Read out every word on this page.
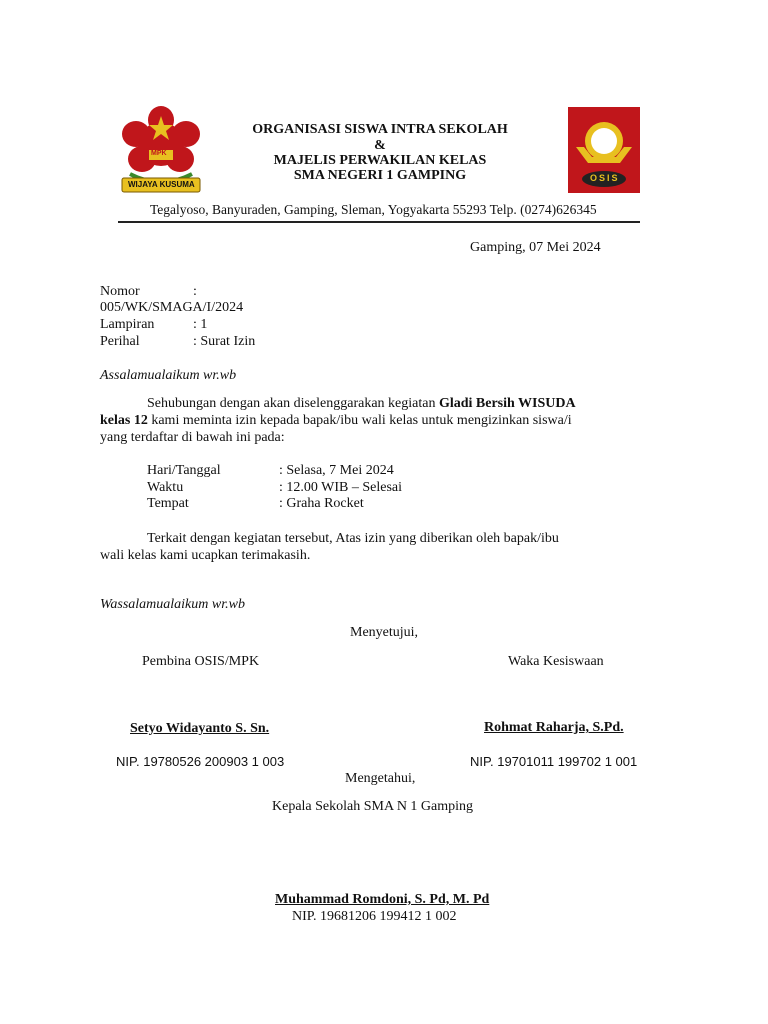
MPK
WIJAYA KUSUMA
OSIS
ORGANISASI SISWA INTRA SEKOLAH
&
MAJELIS PERWAKILAN KELAS
SMA NEGERI 1 GAMPING
Tegalyoso, Banyuraden, Gamping, Sleman, Yogyakarta 55293 Telp. (0274)626345
Gamping, 07 Mei 2024
Nomor	:
005/WK/SMAGA/I/2024
Lampiran	: 1
Perihal	: Surat Izin
Assalamualaikum wr.wb
Sehubungan dengan akan diselenggarakan kegiatan Gladi Bersih WISUDA
kelas 12 kami meminta izin kepada bapak/ibu wali kelas untuk mengizinkan siswa/i
yang terdaftar di bawah ini pada:
Hari/Tanggal	: Selasa, 7 Mei 2024
Waktu	: 12.00 WIB – Selesai
Tempat	: Graha Rocket
Terkait dengan kegiatan tersebut, Atas izin yang diberikan oleh bapak/ibu
wali kelas kami ucapkan terimakasih.
Wassalamualaikum wr.wb
Menyetujui,
Pembina OSIS/MPK	Waka Kesiswaan
Setyo Widayanto S. Sn.	Rohmat Raharja, S.Pd.
NIP. 19780526 200903 1 003	NIP. 19701011 199702 1 001
Mengetahui,
Kepala Sekolah SMA N 1 Gamping
Muhammad Romdoni, S. Pd, M. Pd
NIP. 19681206 199412 1 002
